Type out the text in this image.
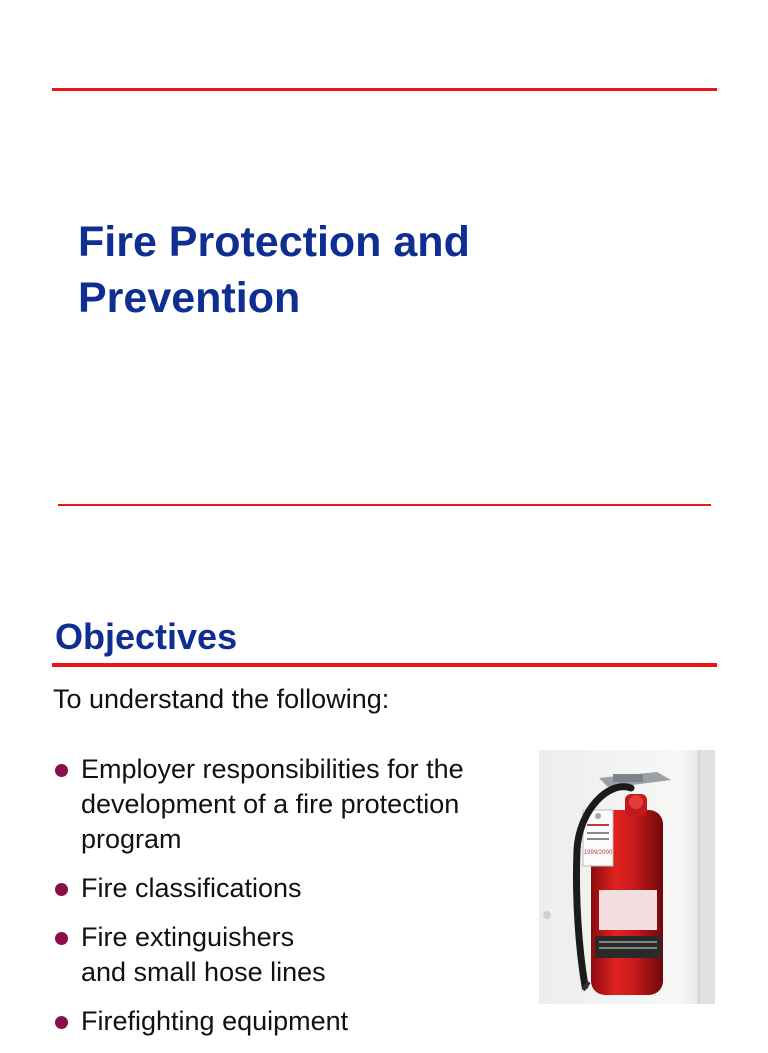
Fire Protection and
Prevention
Objectives
To understand the following:
Employer responsibilities for the
development of a fire protection
program
Fire classifications
Fire extinguishers
and small hose lines
Firefighting equipment
1999/2000
